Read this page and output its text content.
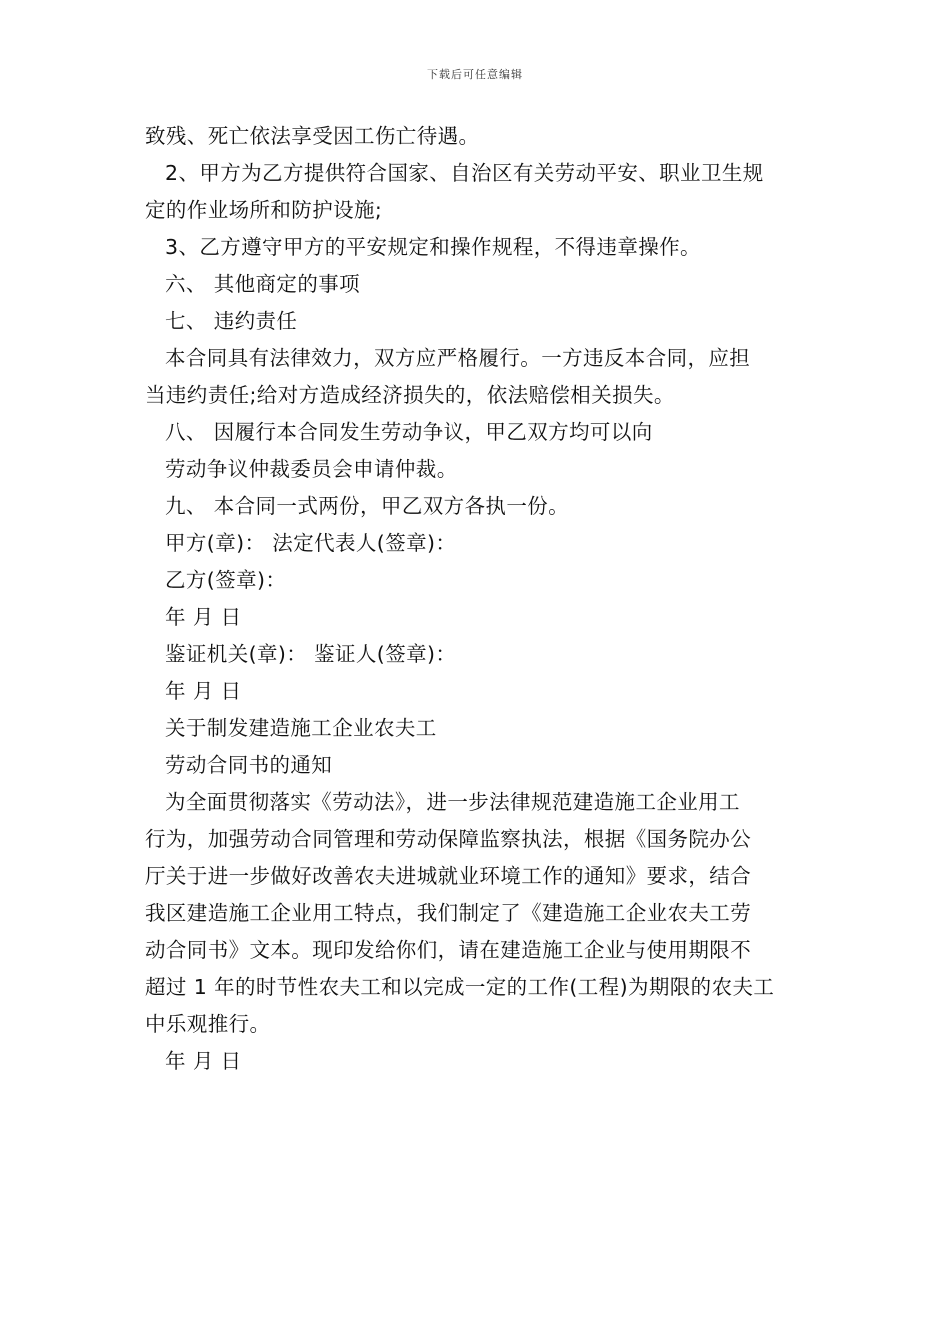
下载后可任意编辑
致残、死亡依法享受因工伤亡待遇。
2、甲方为乙方提供符合国家、自治区有关劳动平安、职业卫生规
定的作业场所和防护设施;
3、乙方遵守甲方的平安规定和操作规程，不得违章操作。
六、 其他商定的事项
七、 违约责任
本合同具有法律效力，双方应严格履行。一方违反本合同，应担
当违约责任;给对方造成经济损失的，依法赔偿相关损失。
八、 因履行本合同发生劳动争议，甲乙双方均可以向
劳动争议仲裁委员会申请仲裁。
九、 本合同一式两份，甲乙双方各执一份。
甲方(章)： 法定代表人(签章)：
乙方(签章)：
年 月 日
鉴证机关(章)： 鉴证人(签章)：
年 月 日
关于制发建造施工企业农夫工
劳动合同书的通知
为全面贯彻落实《劳动法》，进一步法律规范建造施工企业用工
行为，加强劳动合同管理和劳动保障监察执法，根据《国务院办公
厅关于进一步做好改善农夫进城就业环境工作的通知》要求，结合
我区建造施工企业用工特点，我们制定了《建造施工企业农夫工劳
动合同书》文本。现印发给你们，请在建造施工企业与使用期限不
超过 1 年的时节性农夫工和以完成一定的工作(工程)为期限的农夫工
中乐观推行。
年 月 日
